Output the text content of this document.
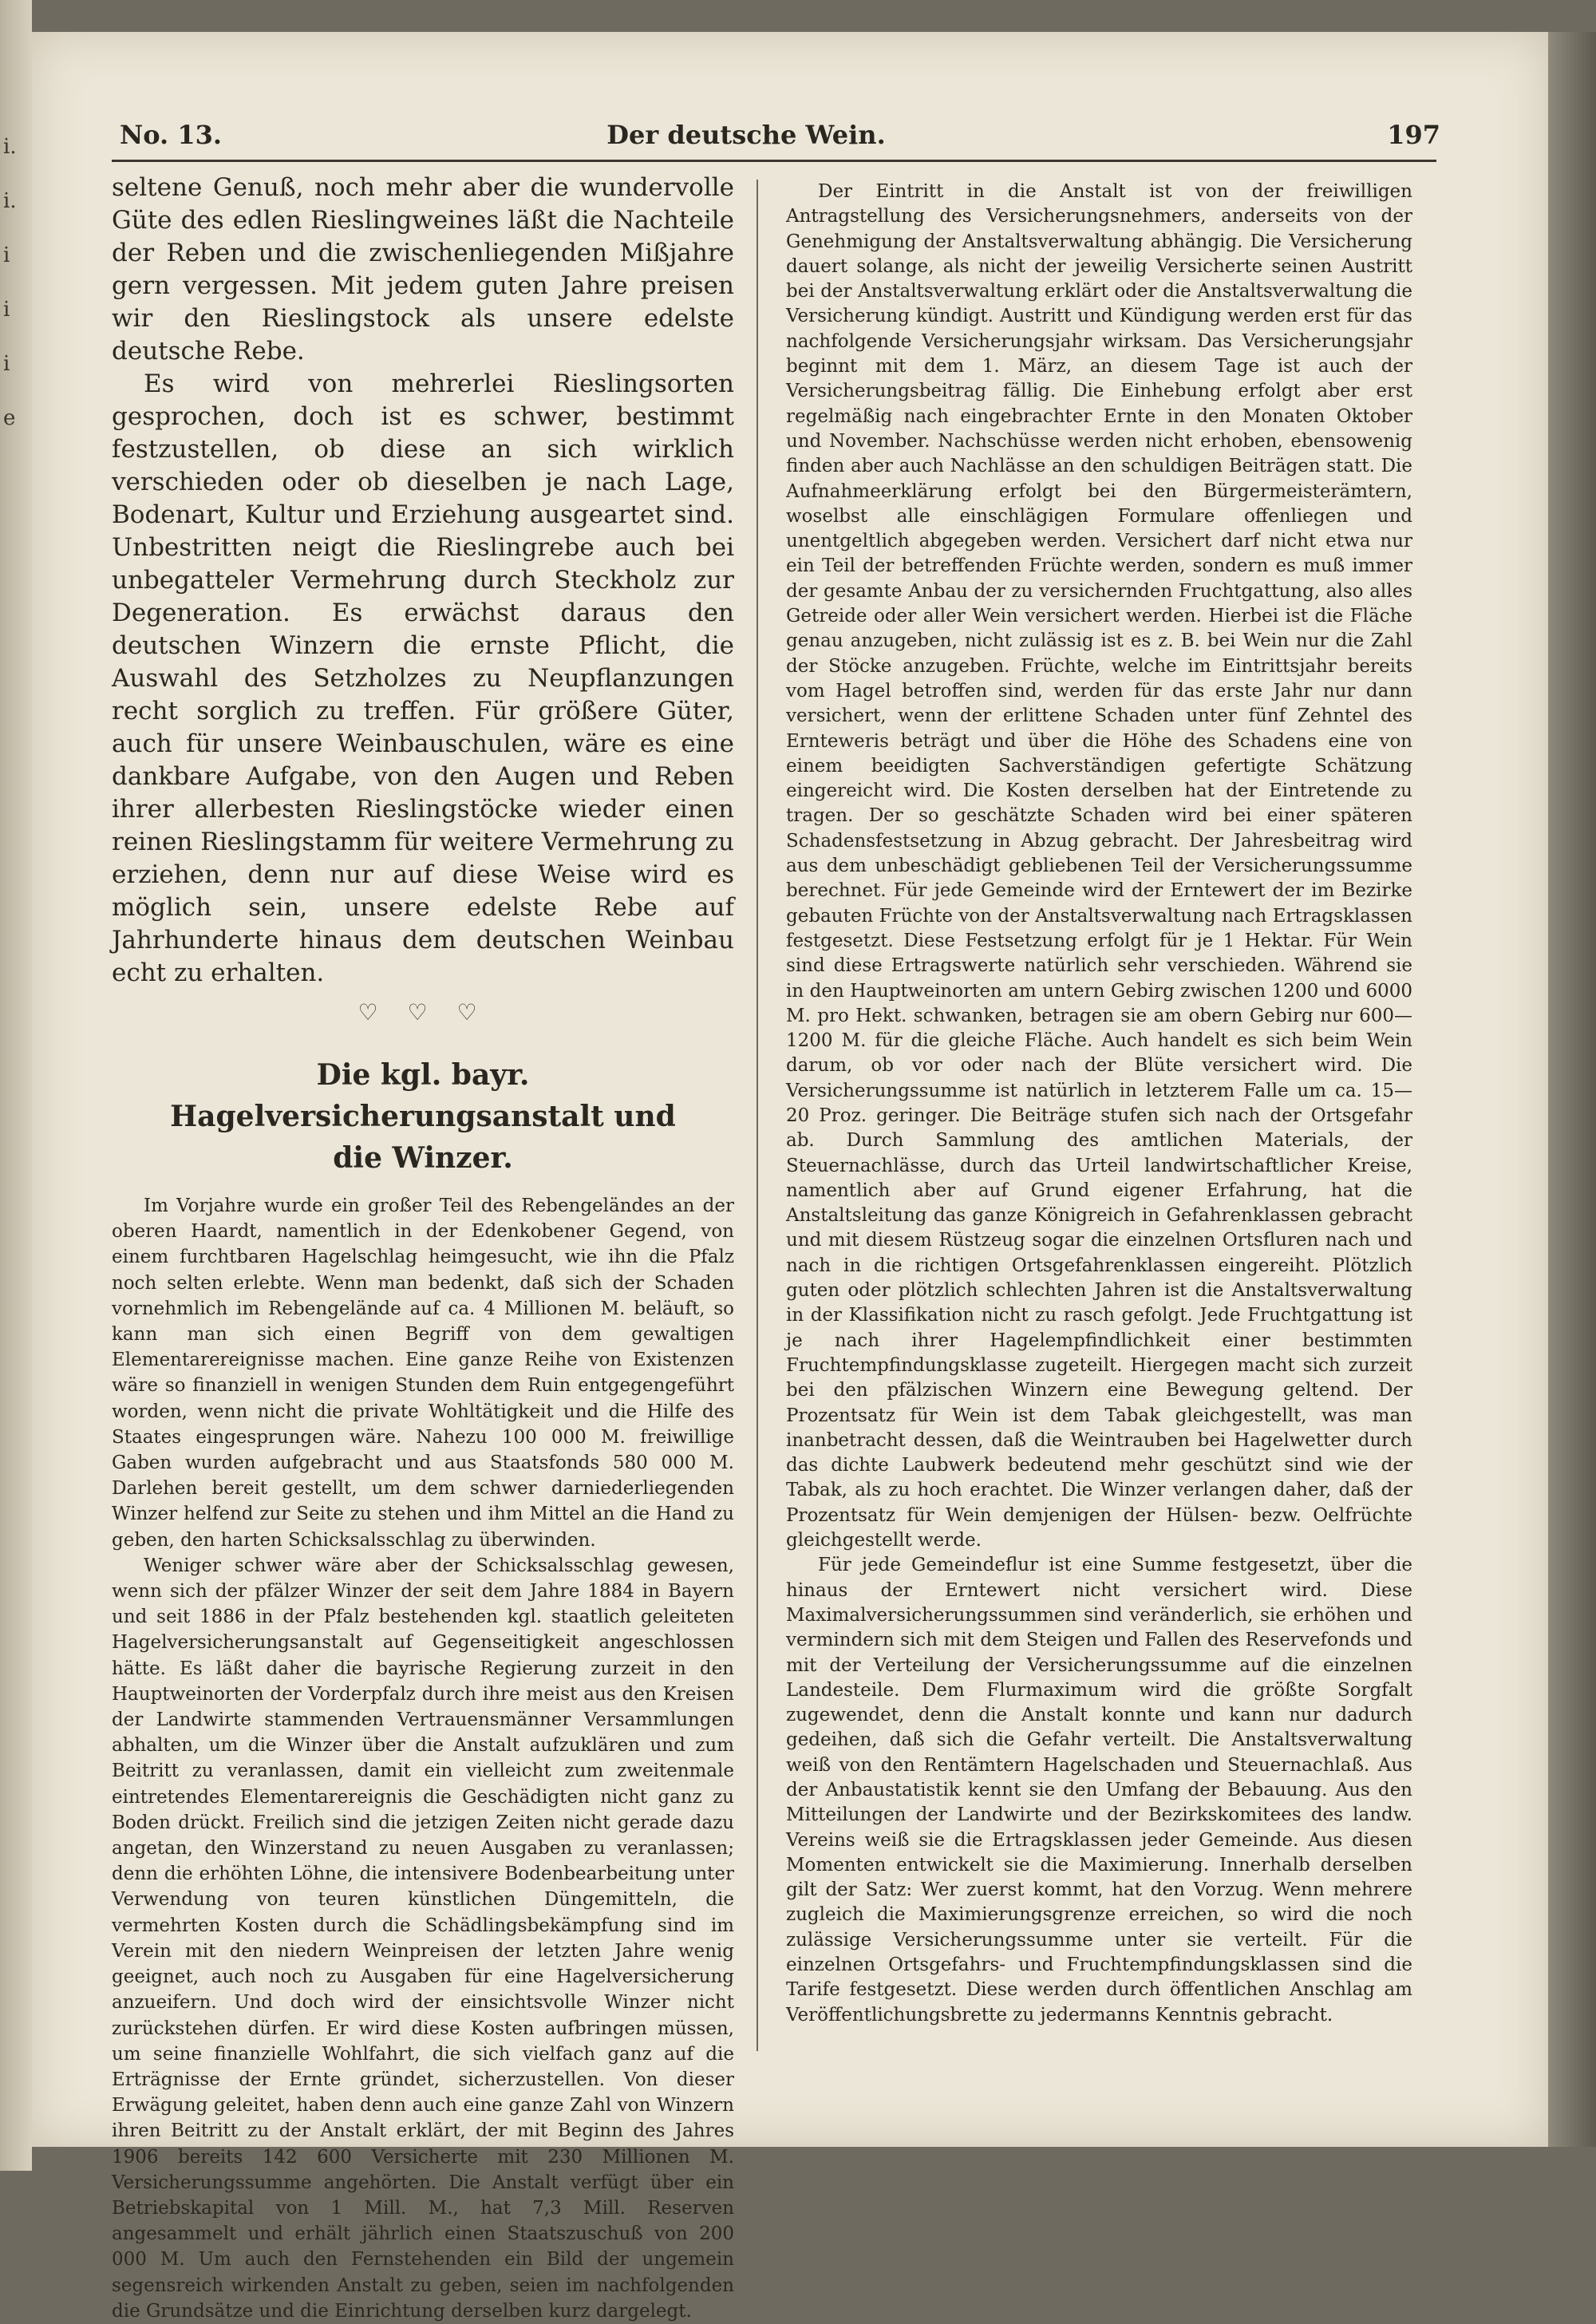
i.
i.
i
i
i
e
No. 13.	Der deutsche Wein.	197

seltene Genuß, noch mehr aber die wundervolle Güte des edlen Rieslingweines läßt die Nachteile der Reben und die zwischenliegenden Mißjahre gern vergessen. Mit jedem guten Jahre preisen wir den Rieslingstock als unsere edelste deutsche Rebe.

Es wird von mehrerlei Rieslingsorten gesprochen, doch ist es schwer, bestimmt festzustellen, ob diese an sich wirklich verschieden oder ob dieselben je nach Lage, Bodenart, Kultur und Erziehung ausgeartet sind. Unbestritten neigt die Rieslingrebe auch bei unbegatteler Vermehrung durch Steckholz zur Degeneration. Es erwächst daraus den deutschen Winzern die ernste Pflicht, die Auswahl des Setzholzes zu Neupflanzungen recht sorglich zu treffen. Für größere Güter, auch für unsere Weinbauschulen, wäre es eine dankbare Aufgabe, von den Augen und Reben ihrer allerbesten Rieslingstöcke wieder einen reinen Rieslingstamm für weitere Vermehrung zu erziehen, denn nur auf diese Weise wird es möglich sein, unsere edelste Rebe auf Jahrhunderte hinaus dem deutschen Weinbau echt zu erhalten.

♡ ♡ ♡
Die kgl. bayr. Hagelversicherungsanstalt und
die Winzer.

Im Vorjahre wurde ein großer Teil des Rebengeländes an der oberen Haardt, namentlich in der Edenkobener Gegend, von einem furchtbaren Hagelschlag heimgesucht, wie ihn die Pfalz noch selten erlebte. Wenn man bedenkt, daß sich der Schaden vornehmlich im Rebengelände auf ca. 4 Millionen M. beläuft, so kann man sich einen Begriff von dem gewaltigen Elementarereignisse machen. Eine ganze Reihe von Existenzen wäre so finanziell in wenigen Stunden dem Ruin entgegengeführt worden, wenn nicht die private Wohltätigkeit und die Hilfe des Staates eingesprungen wäre. Nahezu 100 000 M. freiwillige Gaben wurden aufgebracht und aus Staatsfonds 580 000 M. Darlehen bereit gestellt, um dem schwer darniederliegenden Winzer helfend zur Seite zu stehen und ihm Mittel an die Hand zu geben, den harten Schicksalsschlag zu überwinden.

Weniger schwer wäre aber der Schicksalsschlag gewesen, wenn sich der pfälzer Winzer der seit dem Jahre 1884 in Bayern und seit 1886 in der Pfalz bestehenden kgl. staatlich geleiteten Hagelversicherungsanstalt auf Gegenseitigkeit angeschlossen hätte. Es läßt daher die bayrische Regierung zurzeit in den Hauptweinorten der Vorderpfalz durch ihre meist aus den Kreisen der Landwirte stammenden Vertrauensmänner Versammlungen abhalten, um die Winzer über die Anstalt aufzuklären und zum Beitritt zu veranlassen, damit ein vielleicht zum zweitenmale eintretendes Elementarereignis die Geschädigten nicht ganz zu Boden drückt. Freilich sind die jetzigen Zeiten nicht gerade dazu angetan, den Winzerstand zu neuen Ausgaben zu veranlassen; denn die erhöhten Löhne, die intensivere Bodenbearbeitung unter Verwendung von teuren künstlichen Düngemitteln, die vermehrten Kosten durch die Schädlingsbekämpfung sind im Verein mit den niedern Weinpreisen der letzten Jahre wenig geeignet, auch noch zu Ausgaben für eine Hagelversicherung anzueifern. Und doch wird der einsichtsvolle Winzer nicht zurückstehen dürfen. Er wird diese Kosten aufbringen müssen, um seine finanzielle Wohlfahrt, die sich vielfach ganz auf die Erträgnisse der Ernte gründet, sicherzustellen. Von dieser Erwägung geleitet, haben denn auch eine ganze Zahl von Winzern ihren Beitritt zu der Anstalt erklärt, der mit Beginn des Jahres 1906 bereits 142 600 Versicherte mit 230 Millionen M. Versicherungssumme angehörten. Die Anstalt verfügt über ein Betriebskapital von 1 Mill. M., hat 7,3 Mill. Reserven angesammelt und erhält jährlich einen Staatszuschuß von 200 000 M. Um auch den Fernstehenden ein Bild der ungemein segensreich wirkenden Anstalt zu geben, seien im nachfolgenden die Grundsätze und die Einrichtung derselben kurz dargelegt.

Der Eintritt in die Anstalt ist von der freiwilligen Antragstellung des Versicherungsnehmers, anderseits von der Genehmigung der Anstaltsverwaltung abhängig. Die Versicherung dauert solange, als nicht der jeweilig Versicherte seinen Austritt bei der Anstaltsverwaltung erklärt oder die Anstaltsverwaltung die Versicherung kündigt. Austritt und Kündigung werden erst für das nachfolgende Versicherungsjahr wirksam. Das Versicherungsjahr beginnt mit dem 1. März, an diesem Tage ist auch der Versicherungsbeitrag fällig. Die Einhebung erfolgt aber erst regelmäßig nach eingebrachter Ernte in den Monaten Oktober und November. Nachschüsse werden nicht erhoben, ebensowenig finden aber auch Nachlässe an den schuldigen Beiträgen statt. Die Aufnahmeerklärung erfolgt bei den Bürgermeisterämtern, woselbst alle einschlägigen Formulare offenliegen und unentgeltlich abgegeben werden. Versichert darf nicht etwa nur ein Teil der betreffenden Früchte werden, sondern es muß immer der gesamte Anbau der zu versichernden Fruchtgattung, also alles Getreide oder aller Wein versichert werden. Hierbei ist die Fläche genau anzugeben, nicht zulässig ist es z. B. bei Wein nur die Zahl der Stöcke anzugeben. Früchte, welche im Eintrittsjahr bereits vom Hagel betroffen sind, werden für das erste Jahr nur dann versichert, wenn der erlittene Schaden unter fünf Zehntel des Ernteweris beträgt und über die Höhe des Schadens eine von einem beeidigten Sachverständigen gefertigte Schätzung eingereicht wird. Die Kosten derselben hat der Eintretende zu tragen. Der so geschätzte Schaden wird bei einer späteren Schadensfestsetzung in Abzug gebracht. Der Jahresbeitrag wird aus dem unbeschädigt gebliebenen Teil der Versicherungssumme berechnet. Für jede Gemeinde wird der Erntewert der im Bezirke gebauten Früchte von der Anstaltsverwaltung nach Ertragsklassen festgesetzt. Diese Festsetzung erfolgt für je 1 Hektar. Für Wein sind diese Ertragswerte natürlich sehr verschieden. Während sie in den Hauptweinorten am untern Gebirg zwischen 1200 und 6000 M. pro Hekt. schwanken, betragen sie am obern Gebirg nur 600—1200 M. für die gleiche Fläche. Auch handelt es sich beim Wein darum, ob vor oder nach der Blüte versichert wird. Die Versicherungssumme ist natürlich in letzterem Falle um ca. 15—20 Proz. geringer. Die Beiträge stufen sich nach der Ortsgefahr ab. Durch Sammlung des amtlichen Materials, der Steuernachlässe, durch das Urteil landwirtschaftlicher Kreise, namentlich aber auf Grund eigener Erfahrung, hat die Anstaltsleitung das ganze Königreich in Gefahrenklassen gebracht und mit diesem Rüstzeug sogar die einzelnen Ortsfluren nach und nach in die richtigen Ortsgefahrenklassen eingereiht. Plötzlich guten oder plötzlich schlechten Jahren ist die Anstaltsverwaltung in der Klassifikation nicht zu rasch gefolgt. Jede Fruchtgattung ist je nach ihrer Hagelempfindlichkeit einer bestimmten Fruchtempfindungsklasse zugeteilt. Hiergegen macht sich zurzeit bei den pfälzischen Winzern eine Bewegung geltend. Der Prozentsatz für Wein ist dem Tabak gleichgestellt, was man inanbetracht dessen, daß die Weintrauben bei Hagelwetter durch das dichte Laubwerk bedeutend mehr geschützt sind wie der Tabak, als zu hoch erachtet. Die Winzer verlangen daher, daß der Prozentsatz für Wein demjenigen der Hülsen- bezw. Oelfrüchte gleichgestellt werde.

Für jede Gemeindeflur ist eine Summe festgesetzt, über die hinaus der Erntewert nicht versichert wird. Diese Maximalversicherungssummen sind veränderlich, sie erhöhen und vermindern sich mit dem Steigen und Fallen des Reservefonds und mit der Verteilung der Versicherungssumme auf die einzelnen Landesteile. Dem Flurmaximum wird die größte Sorgfalt zugewendet, denn die Anstalt konnte und kann nur dadurch gedeihen, daß sich die Gefahr verteilt. Die Anstaltsverwaltung weiß von den Rentämtern Hagelschaden und Steuernachlaß. Aus der Anbaustatistik kennt sie den Umfang der Bebauung. Aus den Mitteilungen der Landwirte und der Bezirkskomitees des landw. Vereins weiß sie die Ertragsklassen jeder Gemeinde. Aus diesen Momenten entwickelt sie die Maximierung. Innerhalb derselben gilt der Satz: Wer zuerst kommt, hat den Vorzug. Wenn mehrere zugleich die Maximierungsgrenze erreichen, so wird die noch zulässige Versicherungssumme unter sie verteilt. Für die einzelnen Ortsgefahrs- und Fruchtempfindungsklassen sind die Tarife festgesetzt. Diese werden durch öffentlichen Anschlag am Veröffentlichungsbrette zu jedermanns Kenntnis gebracht.
